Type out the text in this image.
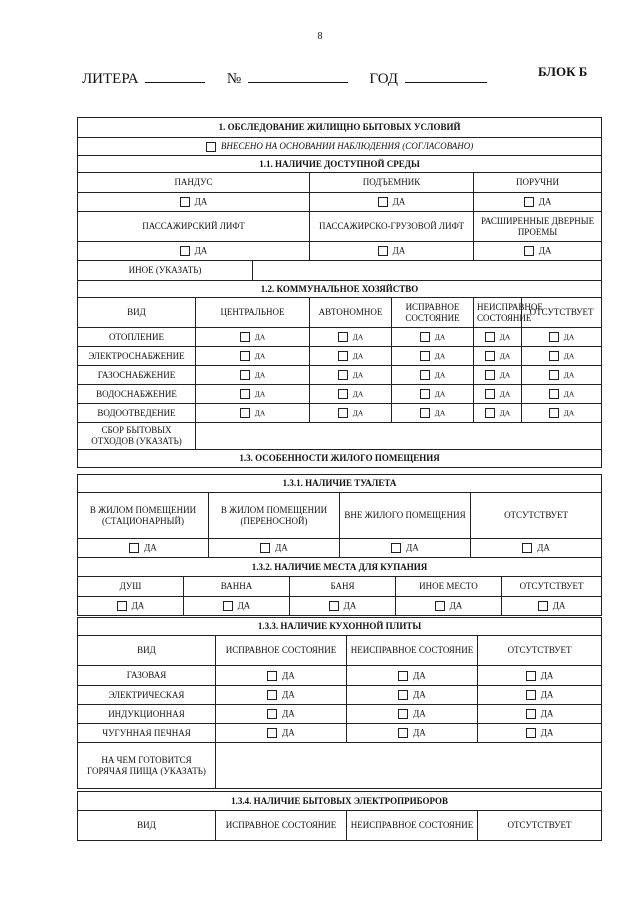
8
ЛИТЕРА	№	ГОД	БЛОК Б
1. ОБСЛЕДОВАНИЕ ЖИЛИЩНО БЫТОВЫХ УСЛОВИЙ						
ВНЕСЕНО НА ОСНОВАНИИ НАБЛЮДЕНИЯ (СОГЛАСОВАНО)						
1.1. НАЛИЧИЕ ДОСТУПНОЙ СРЕДЫ						
ПАНДУС			ПОДЪЕМНИК		ПОРУЧНИ	
ДА			ДА		ДА	
ПАССАЖИРСКИЙ ЛИФТ			ПАССАЖИРСКО-ГРУЗОВОЙ ЛИФТ		РАСШИРЕННЫЕ ДВЕРНЫЕ ПРОЕМЫ	
ДА			ДА		ДА	
ИНОЕ (УКАЗАТЬ)						
1.2. КОММУНАЛЬНОЕ ХОЗЯЙСТВО						
ВИД	ЦЕНТРАЛЬНОЕ		АВТОНОМНОЕ	ИСПРАВНОЕ СОСТОЯНИЕ	НЕИСПРАВНОЕ СОСТОЯНИЕ	ОТСУТСТВУЕТ
ОТОПЛЕНИЕ	ДА		ДА	ДА	ДА	ДА
ЭЛЕКТРОСНАБЖЕНИЕ	ДА		ДА	ДА	ДА	ДА
ГАЗОСНАБЖЕНИЕ	ДА		ДА	ДА	ДА	ДА
ВОДОСНАБЖЕНИЕ	ДА		ДА	ДА	ДА	ДА
ВОДООТВЕДЕНИЕ	ДА		ДА	ДА	ДА	ДА
СБОР БЫТОВЫХ ОТХОДОВ (УКАЗАТЬ)						
1.3. ОСОБЕННОСТИ ЖИЛОГО ПОМЕЩЕНИЯ						
1.3.1. НАЛИЧИЕ ТУАЛЕТА			
В ЖИЛОМ ПОМЕЩЕНИИ (СТАЦИОНАРНЫЙ)	В ЖИЛОМ ПОМЕЩЕНИИ (ПЕРЕНОСНОЙ)	ВНЕ ЖИЛОГО ПОМЕЩЕНИЯ	ОТСУТСТВУЕТ
ДА	ДА	ДА	ДА
1.3.2. НАЛИЧИЕ МЕСТА ДЛЯ КУПАНИЯ				
ДУШ	ВАННА	БАНЯ	ИНОЕ МЕСТО	ОТСУТСТВУЕТ
ДА	ДА	ДА	ДА	ДА
1.3.3. НАЛИЧИЕ КУХОННОЙ ПЛИТЫ			
ВИД	ИСПРАВНОЕ СОСТОЯНИЕ	НЕИСПРАВНОЕ СОСТОЯНИЕ	ОТСУТСТВУЕТ
ГАЗОВАЯ	ДА	ДА	ДА
ЭЛЕКТРИЧЕСКАЯ	ДА	ДА	ДА
ИНДУКЦИОННАЯ	ДА	ДА	ДА
ЧУГУННАЯ ПЕЧНАЯ	ДА	ДА	ДА
НА ЧЕМ ГОТОВИТСЯ ГОРЯЧАЯ ПИЩА (УКАЗАТЬ)			
1.3.4. НАЛИЧИЕ БЫТОВЫХ ЭЛЕКТРОПРИБОРОВ
ВИД	ИСПРАВНОЕ СОСТОЯНИЕ	НЕИСПРАВНОЕ СОСТОЯНИЕ	ОТСУТСТВУЕТ
